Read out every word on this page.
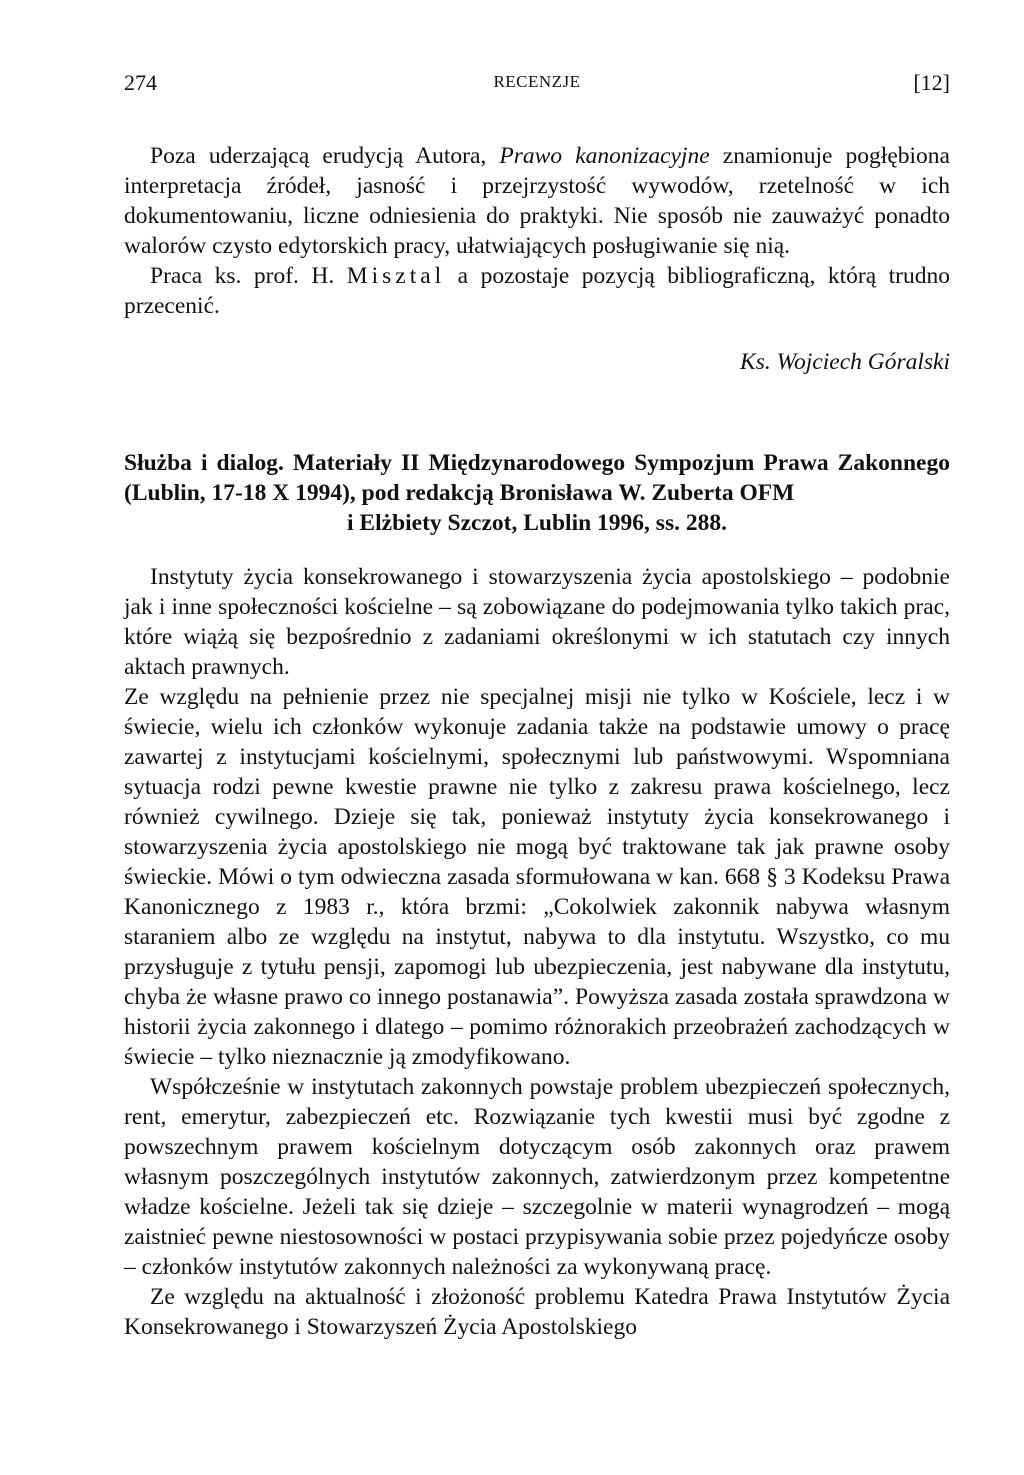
274	RECENZJE	[12]

Poza uderzającą erudycją Autora, Prawo kanonizacyjne znamionuje pogłębiona interpretacja źródeł, jasność i przejrzystość wywodów, rzetelność w ich dokumentowaniu, liczne odniesienia do praktyki. Nie sposób nie zauważyć ponadto walorów czysto edytorskich pracy, ułatwiających posługiwanie się nią.

Praca ks. prof. H. Misztal a pozostaje pozycją bibliograficzną, którą trudno przecenić.

Ks. Wojciech Góralski
Służba i dialog. Materiały II Międzynarodowego Sympozjum Prawa Zakonnego (Lublin, 17-18 X 1994), pod redakcją Bronisława W. Zuberta OFM
i Elżbiety Szczot, Lublin 1996, ss. 288.

Instytuty życia konsekrowanego i stowarzyszenia życia apostolskiego – podobnie jak i inne społeczności kościelne – są zobowiązane do podejmowania tylko takich prac, które wiążą się bezpośrednio z zadaniami określonymi w ich statutach czy innych aktach prawnych.

Ze względu na pełnienie przez nie specjalnej misji nie tylko w Kościele, lecz i w świecie, wielu ich członków wykonuje zadania także na podstawie umowy o pracę zawartej z instytucjami kościelnymi, społecznymi lub państwowymi. Wspomniana sytuacja rodzi pewne kwestie prawne nie tylko z zakresu prawa kościelnego, lecz również cywilnego. Dzieje się tak, ponieważ instytuty życia konsekrowanego i stowarzyszenia życia apostolskiego nie mogą być traktowane tak jak prawne osoby świeckie. Mówi o tym odwieczna zasada sformułowana w kan. 668 § 3 Kodeksu Prawa Kanonicznego z 1983 r., która brzmi: „Cokolwiek zakonnik nabywa własnym staraniem albo ze względu na instytut, nabywa to dla instytutu. Wszystko, co mu przysługuje z tytułu pensji, zapomogi lub ubezpieczenia, jest nabywane dla instytutu, chyba że własne prawo co innego postanawia”. Powyższa zasada została sprawdzona w historii życia zakonnego i dlatego – pomimo różnorakich przeobrażeń zachodzących w świecie – tylko nieznacznie ją zmodyfikowano.

Współcześnie w instytutach zakonnych powstaje problem ubezpieczeń społecznych, rent, emerytur, zabezpieczeń etc. Rozwiązanie tych kwestii musi być zgodne z powszechnym prawem kościelnym dotyczącym osób zakonnych oraz prawem własnym poszczególnych instytutów zakonnych, zatwierdzonym przez kompetentne władze kościelne. Jeżeli tak się dzieje – szczegolnie w materii wynagrodzeń – mogą zaistnieć pewne niestosowności w postaci przypisywania sobie przez pojedyńcze osoby – członków instytutów zakonnych należności za wykonywaną pracę.

Ze względu na aktualność i złożoność problemu Katedra Prawa Instytutów Życia Konsekrowanego i Stowarzyszeń Życia Apostolskiego
